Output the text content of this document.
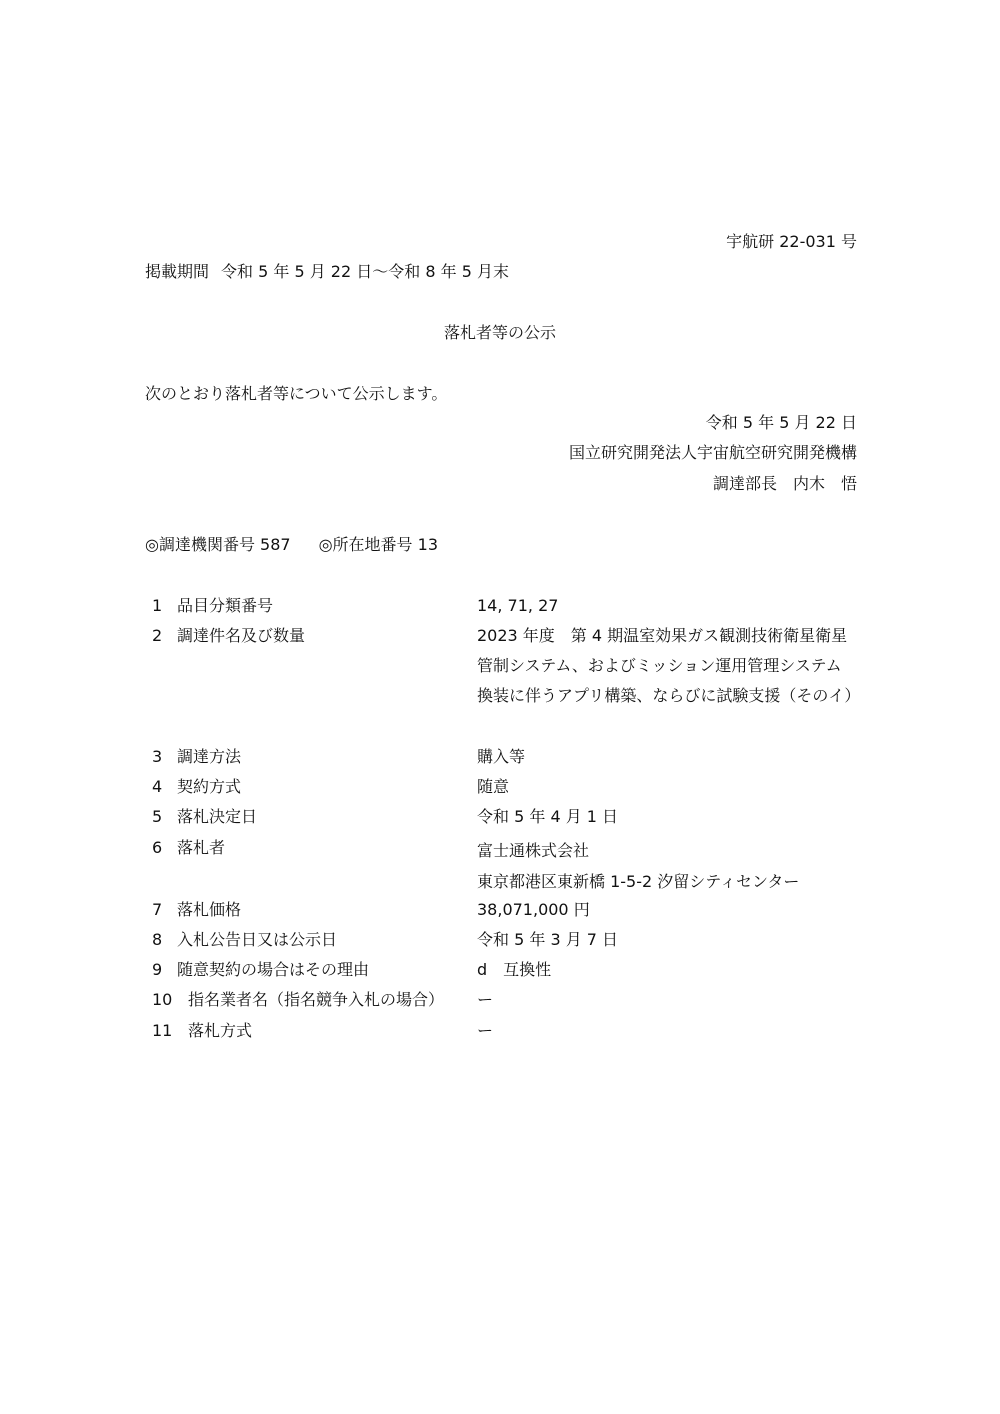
宇航研 22-031 号
掲載期間 令和 5 年 5 月 22 日～令和 8 年 5 月末
落札者等の公示
次のとおり落札者等について公示します。
令和 5 年 5 月 22 日
国立研究開発法人宇宙航空研究開発機構
調達部長　内木　悟
◎調達機関番号 587 ◎所在地番号 13
1 品目分類番号	14, 71, 27
2 調達件名及び数量	2023 年度　第 4 期温室効果ガス観測技術衛星衛星管制システム、およびミッション運用管理システム換装に伴うアプリ構築、ならびに試験支援（そのイ）
3 調達方法	購入等
4 契約方式	随意
5 落札決定日	令和 5 年 4 月 1 日
6 落札者	富士通株式会社
東京都港区東新橋 1-5-2 汐留シティセンター
7 落札価格	38,071,000 円
8 入札公告日又は公示日	令和 5 年 3 月 7 日
9 随意契約の場合はその理由	d　互換性
10 指名業者名（指名競争入札の場合） ー
11 落札方式	ー
